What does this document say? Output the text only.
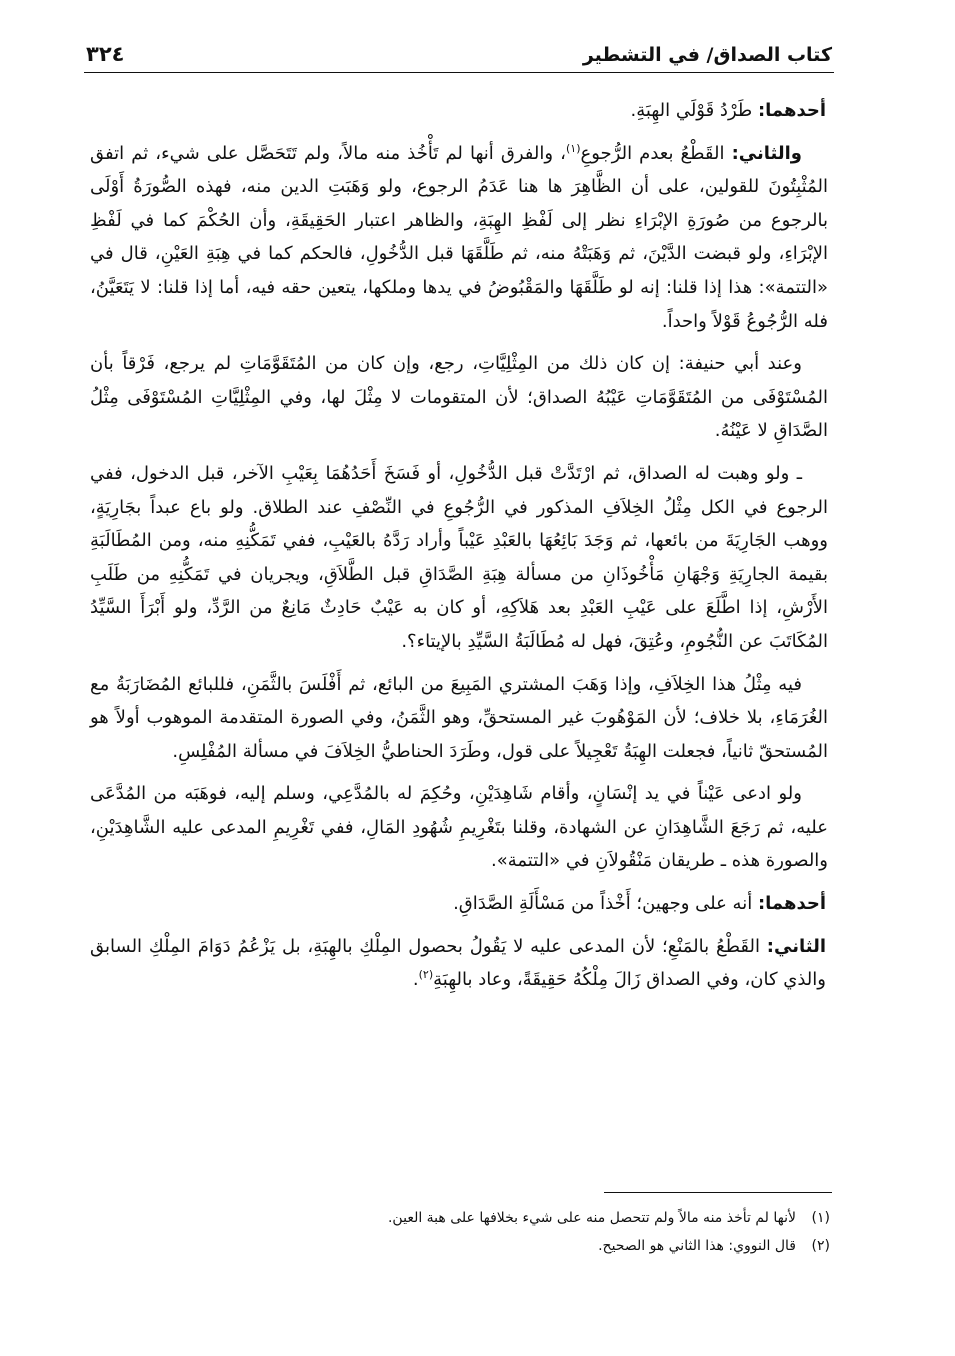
كتاب الصداق/ في التشطير
٣٢٤

أحدهما: طَرْدُ قَوْلَي الهِبَةِ.

والثاني: القَطْعُ بعدم الرُّجوعِ$^{(١)}$، والفرق أنها لم تَأْخُذ منه مالاً، ولم تَتَحَصَّل على شيء، ثم اتفق المُثْبِتُونَ للقولين، على أن الظَّاهِرَ ها هنا عَدَمُ الرجوع، ولو وَهَبَتِ الدين منه، فهذه الصُّورَةُ أَوْلَى بالرجوع من صُورَةِ الإبْرَاءِ نظر إلى لَفْظِ الهِبَةِ، والظاهر اعتبار الحَقِيقَةِ، وأن الحُكْمَ كما في لَفْظِ الإبْرَاءِ، ولو قبضت الدَّيْنَ، ثم وَهَبَتْهُ منه، ثم طَلَّقَهَا قبل الدُّخُولِ، فالحكم كما في هِبَةِ العَيْنِ، قال في «التتمة»: هذا إذا قلنا: إنه لو طَلَّقَهَا والمَقْبُوضُ في يدها وملكها، يتعين حقه فيه، أما إذا قلنا: لا يَتَعَيَّنُ، فله الرُّجُوعُ قَوْلاً واحداً.

وعند أبي حنيفة: إن كان ذلك من المِثْلِيَّاتِ، رجع، وإن كان من المُتَقَوَّمَاتِ لم يرجع، فَرْقاً بأن المُسْتَوْفَى من المُتَقَوَّمَاتِ عَيْبُهُ الصداق؛ لأن المتقومات لا مِثْلَ لها، وفي المِثْلِيَّاتِ المُسْتَوْفَى مِثْلُ الصَّدَاقِ لا عَيْنُهُ.

ـ ولو وهبت له الصداق، ثم ارْتَدَّتْ قبل الدُّخُولِ، أو فَسَخَ أَحَدُهُمَا بِعَيْبِ الآخر، قبل الدخول، ففي الرجوع في الكل مِثْلُ الخِلاَفِ المذكور في الرُّجُوعِ في النِّصْفِ عند الطلاق. ولو باع عبداً بجَارِيَةٍ، ووهب الجَارِيَةَ من بائعها، ثم وَجَدَ بَائِعُهَا بالعَبْدِ عَيْباً وأراد رَدَّهُ بالعَيْبِ، ففي تَمَكُّنِهِ منه، ومن المُطَالَبَةِ بقيمة الجارِيَةِ وَجْهَانِ مَأْخُوذَانِ من مسألة هِبَةِ الصَّدَاقِ قبل الطَّلاَقِ، ويجريان في تَمَكُّنِهِ من طَلَبِ الأَرْشِ، إذا اطَّلَعَ على عَيْبِ العَبْدِ بعد هَلاَكِهِ، أو كان به عَيْبٌ حَادِثٌ مَانِعٌ من الرَّدِّ، ولو أَبْرَأَ السَّيِّدُ المُكَاتَبَ عن النُّجُومِ، وعُتِقَ، فهل له مُطَالَبَةُ السَّيِّدِ بالإيتاء؟.

فيه مِثْلُ هذا الخِلاَفِ، وإذا وَهَبَ المشتري المَبِيعَ من البائع، ثم أَفْلَسَ بالثَّمَنِ، فللبائع المُضَارَبَةُ مع الغُرَمَاءِ، بلا خلاف؛ لأن المَوْهُوبَ غير المستحقِّ، وهو الثَّمَنُ، وفي الصورة المتقدمة الموهوب أولاً هو المُستحقّ ثانياً، فجعلت الهِبَةُ تَعْجِيلاً على قول، وطَرَدَ الحناطيُّ الخِلاَفَ في مسألة المُفْلِسِ.

ولو ادعى عَيْناً في يد إنْسَانٍ، وأقام شَاهِدَيْنِ، وحُكِمَ له بالمُدَّعِي، وسلم إليه، فوهَبَه من المُدَّعَى عليه، ثم رَجَعَ الشَّاهِدَانِ عن الشهادة، وقلنا بتَغْرِيمِ شُهُودِ المَالِ، ففي تَغْرِيمِ المدعى عليه الشَّاهِدَيْنِ، والصورة هذه ـ طريقان مَنْقُولاَنِ في «التتمة».

أحدهما: أنه على وجهين؛ أَخْذاً من مَسْأَلَةِ الصَّدَاقِ.

الثاني: القَطْعُ بالمَنْعِ؛ لأن المدعى عليه لا يَقُولُ بحصول المِلْكِ بالهِبَةِ، بل يَزْعُمُ دَوَامَ المِلْكِ السابق والذي كان، وفي الصداق زَالَ مِلْكُهُ حَقِيقَةً، وعاد بالهِبَةِ$^{(٢)}$.

(١)
لأنها لم تأخذ منه مالاً ولم تتحصل منه على شيء بخلافها على هبة العين.
(٢)
قال النووي: هذا الثاني هو الصحيح.
